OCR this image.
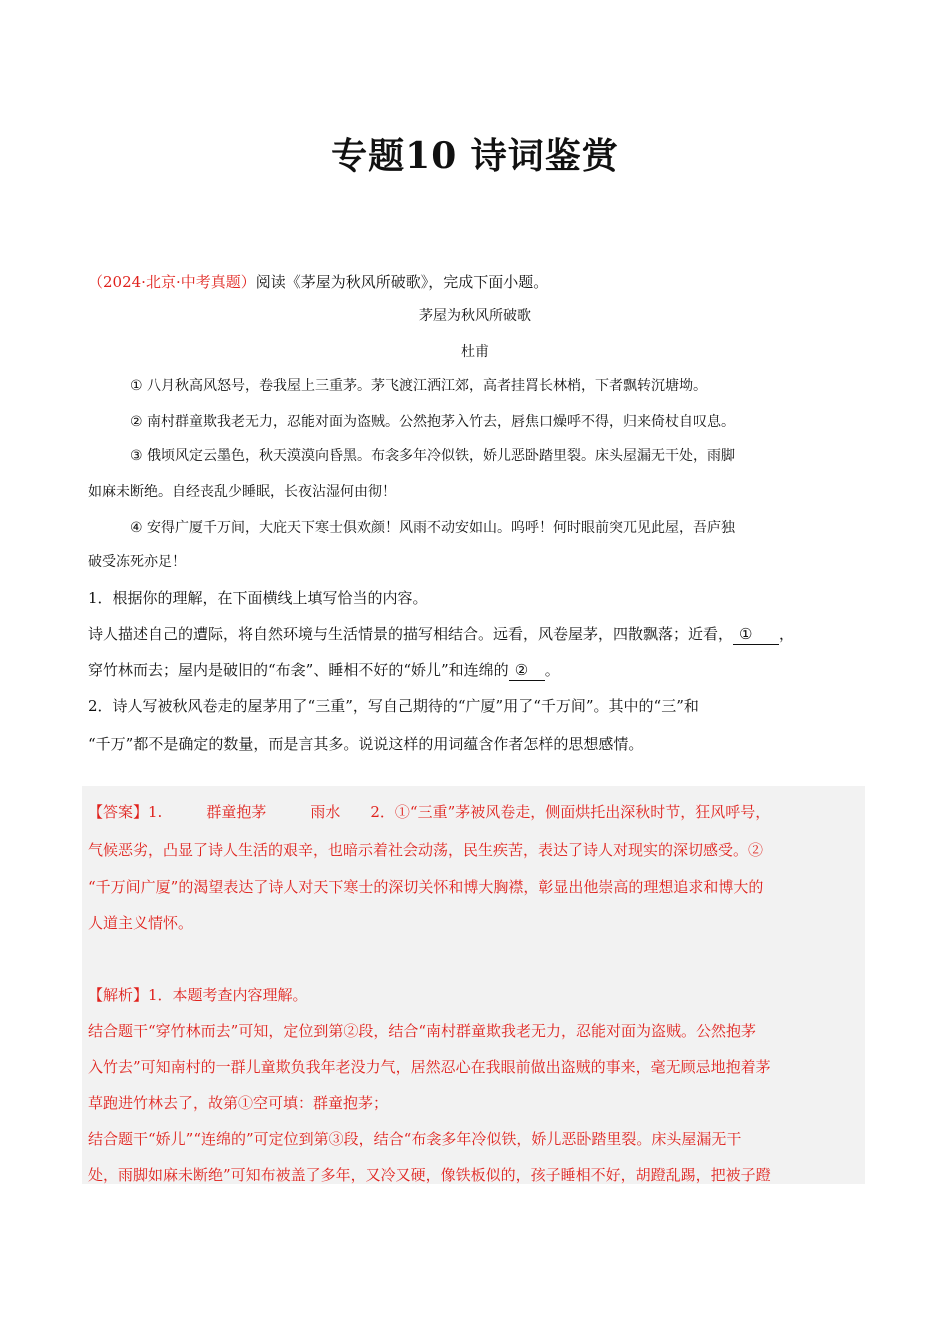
专题10 诗词鉴赏
（2024·北京·中考真题）阅读《茅屋为秋风所破歌》，完成下面小题。
茅屋为秋风所破歌
杜甫
① 八月秋高风怒号，卷我屋上三重茅。茅飞渡江洒江郊，高者挂罥长林梢，下者飘转沉塘坳。
② 南村群童欺我老无力，忍能对面为盗贼。公然抱茅入竹去，唇焦口燥呼不得，归来倚杖自叹息。
③ 俄顷风定云墨色，秋天漠漠向昏黑。布衾多年冷似铁，娇儿恶卧踏里裂。床头屋漏无干处，雨脚
如麻未断绝。自经丧乱少睡眠，长夜沾湿何由彻！
④ 安得广厦千万间，大庇天下寒士俱欢颜！风雨不动安如山。呜呼！何时眼前突兀见此屋，吾庐独
破受冻死亦足！
1．根据你的理解，在下面横线上填写恰当的内容。
诗人描述自己的遭际，将自然环境与生活情景的描写相结合。远看，风卷屋茅，四散飘落；近看， ① ，
穿竹林而去；屋内是破旧的“布衾”、睡相不好的“娇儿”和连绵的 ② 。
2．诗人写被秋风卷走的屋茅用了“三重”，写自己期待的“广厦”用了“千万间”。其中的“三”和
“千万”都不是确定的数量，而是言其多。说说这样的用词蕴含作者怎样的思想感情。
【答案】1.	群童抱茅	雨水 2．①“三重”茅被风卷走，侧面烘托出深秋时节，狂风呼号，
气候恶劣，凸显了诗人生活的艰辛，也暗示着社会动荡，民生疾苦，表达了诗人对现实的深切感受。②
“千万间广厦”的渴望表达了诗人对天下寒士的深切关怀和博大胸襟，彰显出他崇高的理想追求和博大的
人道主义情怀。
【解析】1．本题考查内容理解。
结合题干“穿竹林而去”可知，定位到第②段，结合“南村群童欺我老无力，忍能对面为盗贼。公然抱茅
入竹去”可知南村的一群儿童欺负我年老没力气，居然忍心在我眼前做出盗贼的事来，毫无顾忌地抱着茅
草跑进竹林去了，故第①空可填：群童抱茅；
结合题干“娇儿”“连绵的”可定位到第③段，结合“布衾多年冷似铁，娇儿恶卧踏里裂。床头屋漏无干
处，雨脚如麻未断绝”可知布被盖了多年，又冷又硬，像铁板似的，孩子睡相不好，胡蹬乱踢，把被子蹬
